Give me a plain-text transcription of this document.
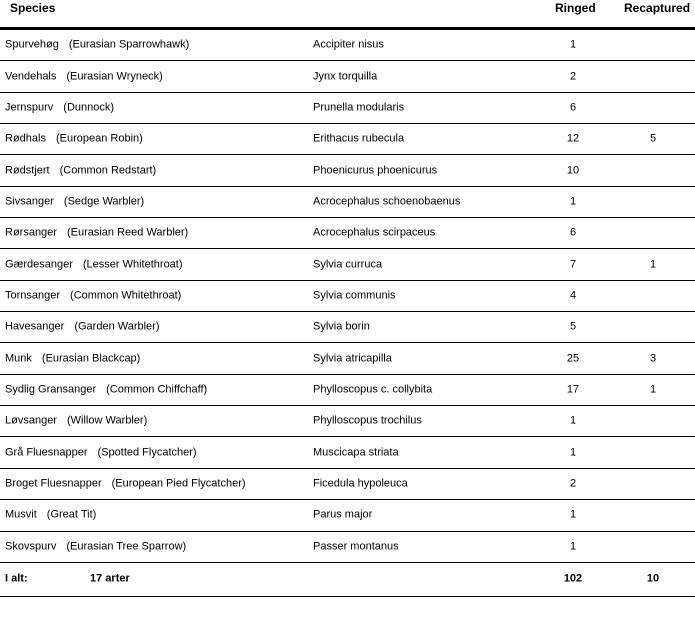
Species	Ringed Recaptured
Spurvehøg (Eurasian Sparrowhawk)	Accipiter nisus	1
Vendehals (Eurasian Wryneck)	Jynx torquilla	2
Jernspurv (Dunnock)	Prunella modularis	6
Rødhals (European Robin)	Erithacus rubecula	12	5
Rødstjert (Common Redstart)	Phoenicurus phoenicurus	10
Sivsanger (Sedge Warbler)	Acrocephalus schoenobaenus	1
Rørsanger (Eurasian Reed Warbler)	Acrocephalus scirpaceus	6
Gærdesanger (Lesser Whitethroat)	Sylvia curruca	7	1
Tornsanger (Common Whitethroat)	Sylvia communis	4
Havesanger (Garden Warbler)	Sylvia borin	5
Munk (Eurasian Blackcap)	Sylvia atricapilla	25	3
Sydlig Gransanger (Common Chiffchaff)	Phylloscopus c. collybita	17	1
Løvsanger (Willow Warbler)	Phylloscopus trochilus	1
Grå Fluesnapper (Spotted Flycatcher)	Muscicapa striata	1
Broget Fluesnapper (European Pied Flycatcher)	Ficedula hypoleuca	2
Musvit (Great Tit)	Parus major	1
Skovspurv (Eurasian Tree Sparrow)	Passer montanus	1
I alt:	17 arter	102	10
